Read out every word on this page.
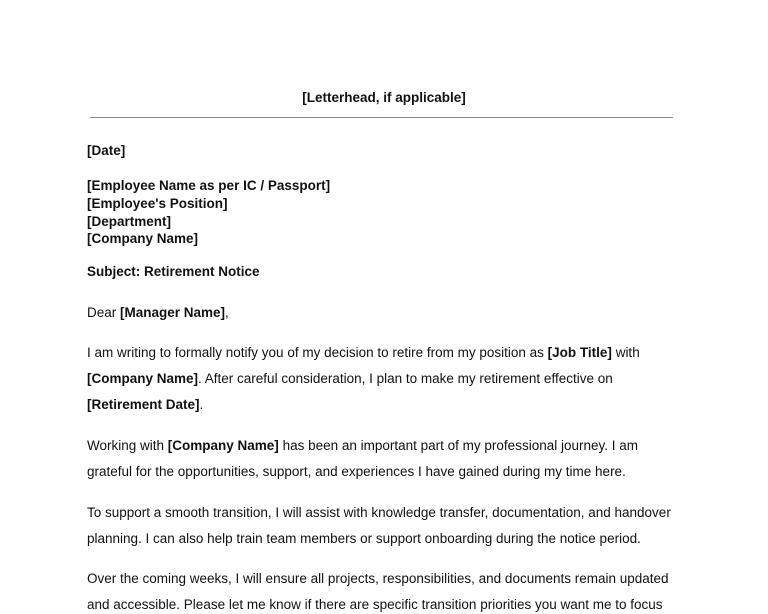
[Letterhead, if applicable]
[Date]
[Employee Name as per IC / Passport]
[Employee's Position]
[Department]
[Company Name]
Subject: Retirement Notice
Dear [Manager Name],
I am writing to formally notify you of my decision to retire from my position as [Job Title] with
[Company Name]. After careful consideration, I plan to make my retirement effective on
[Retirement Date].
Working with [Company Name] has been an important part of my professional journey. I am
grateful for the opportunities, support, and experiences I have gained during my time here.
To support a smooth transition, I will assist with knowledge transfer, documentation, and handover
planning. I can also help train team members or support onboarding during the notice period.
Over the coming weeks, I will ensure all projects, responsibilities, and documents remain updated
and accessible. Please let me know if there are specific transition priorities you want me to focus
